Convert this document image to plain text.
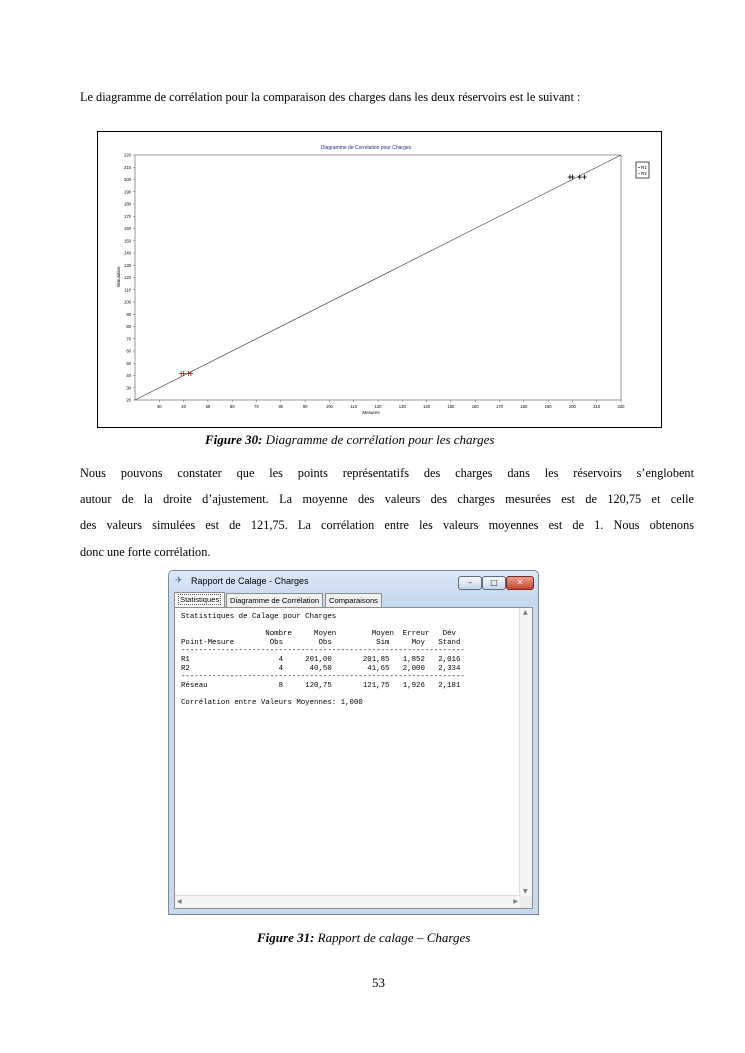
Le diagramme de corrélation pour la comparaison des charges dans les deux réservoirs est le suivant :
Diagramme de Corrélation pour Charges
20
30
40
50
60
70
80
90
100
110
120
130
140
150
160
170
180
190
200
210
220
30	40	50	60	70	80	90	100	110	120	130	140	150	160	170	180	190	200	210	220
Mesures
Simulation
R1
R2
Figure 30: Diagramme de corrélation pour les charges
Nous pouvons constater que les points représentatifs des charges dans les réservoirs s’englobent
autour de la droite d’ajustement. La moyenne des valeurs des charges mesurées est de 120,75 et celle
des valeurs simulées est de 121,75. La corrélation entre les valeurs moyennes est de 1. Nous obtenons
donc une forte corrélation.
✈ Rapport de Calage - Charges	–	□	✕
Statistiques	Diagramme de Corrélation	Comparaisons
Statistiques de Calage pour Charges

Nombre     Moyen        Moyen  Erreur   Dév
Point-Mesure        Obs        Obs          Sim     Moy   Stand
----------------------------------------------------------------
R1                    4     201,00       201,85   1,852   2,016
R2                    4      40,50        41,65   2,000   2,334
----------------------------------------------------------------
Réseau                8     120,75       121,75   1,926   2,181

Corrélation entre Valeurs Moyennes: 1,000
▲
▼
◀	▶
Figure 31: Rapport de calage – Charges
53
